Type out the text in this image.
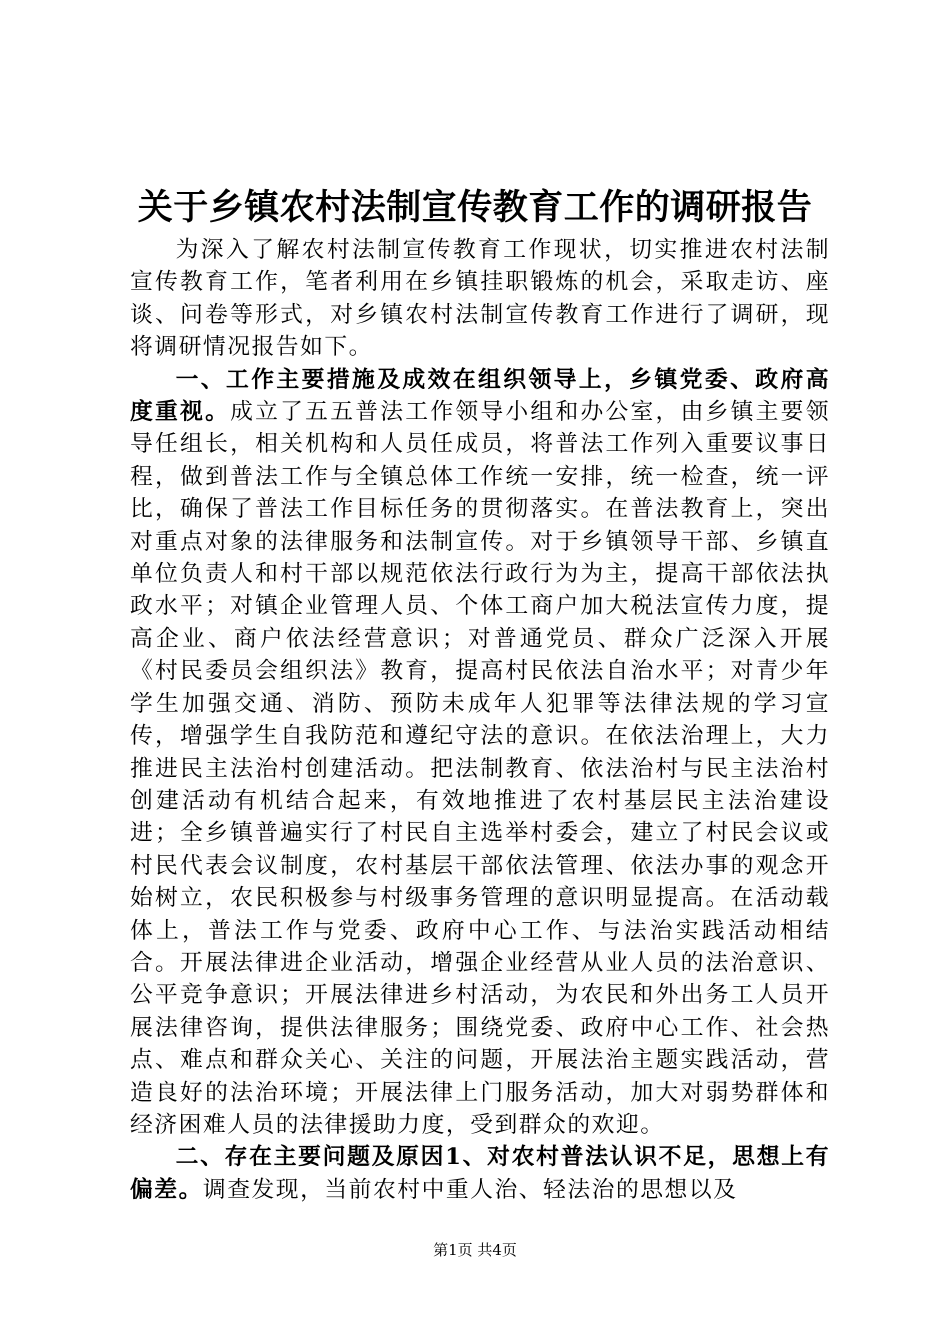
关于乡镇农村法制宣传教育工作的调研报告

为深入了解农村法制宣传教育工作现状，切实推进农村法制宣传教育工作，笔者利用在乡镇挂职锻炼的机会，采取走访、座谈、问卷等形式，对乡镇农村法制宣传教育工作进行了调研，现将调研情况报告如下。

一、工作主要措施及成效在组织领导上，乡镇党委、政府高度重视。成立了五五普法工作领导小组和办公室，由乡镇主要领导任组长，相关机构和人员任成员，将普法工作列入重要议事日程，做到普法工作与全镇总体工作统一安排，统一检查，统一评比，确保了普法工作目标任务的贯彻落实。在普法教育上，突出对重点对象的法律服务和法制宣传。对于乡镇领导干部、乡镇直单位负责人和村干部以规范依法行政行为为主，提高干部依法执政水平；对镇企业管理人员、个体工商户加大税法宣传力度，提高企业、商户依法经营意识；对普通党员、群众广泛深入开展《村民委员会组织法》教育，提高村民依法自治水平；对青少年学生加强交通、消防、预防未成年人犯罪等法律法规的学习宣传，增强学生自我防范和遵纪守法的意识。在依法治理上，大力推进民主法治村创建活动。把法制教育、依法治村与民主法治村创建活动有机结合起来，有效地推进了农村基层民主法治建设进；全乡镇普遍实行了村民自主选举村委会，建立了村民会议或村民代表会议制度，农村基层干部依法管理、依法办事的观念开始树立，农民积极参与村级事务管理的意识明显提高。在活动载体上，普法工作与党委、政府中心工作、与法治实践活动相结合。开展法律进企业活动，增强企业经营从业人员的法治意识、公平竞争意识；开展法律进乡村活动，为农民和外出务工人员开展法律咨询，提供法律服务；围绕党委、政府中心工作、社会热点、难点和群众关心、关注的问题，开展法治主题实践活动，营造良好的法治环境；开展法律上门服务活动，加大对弱势群体和经济困难人员的法律援助力度，受到群众的欢迎。

二、存在主要问题及原因1、对农村普法认识不足，思想上有偏差。调查发现，当前农村中重人治、轻法治的思想以及

第1页 共4页
